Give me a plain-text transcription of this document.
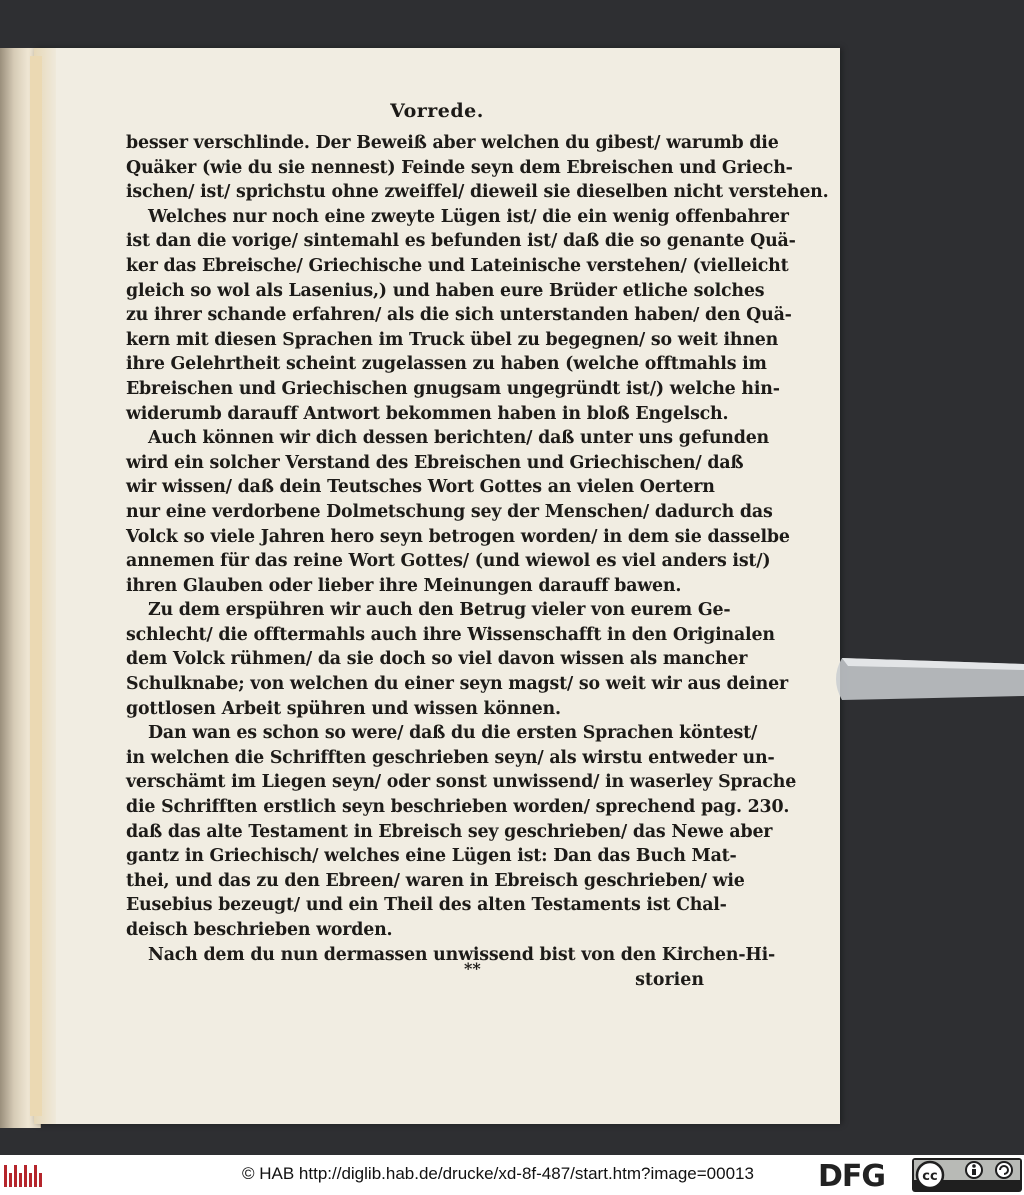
Vorrede.
besser verschlinde. Der Beweiß aber welchen du gibest/ warumb die
Quäker (wie du sie nennest) Feinde seyn dem Ebreischen und Griech-
ischen/ ist/ sprichstu ohne zweiffel/ dieweil sie dieselben nicht verstehen.
Welches nur noch eine zweyte Lügen ist/ die ein wenig offenbahrer
ist dan die vorige/ sintemahl es befunden ist/ daß die so genante Quä-
ker das Ebreische/ Griechische und Lateinische verstehen/ (vielleicht
gleich so wol als Lasenius,) und haben eure Brüder etliche solches
zu ihrer schande erfahren/ als die sich unterstanden haben/ den Quä-
kern mit diesen Sprachen im Truck übel zu begegnen/ so weit ihnen
ihre Gelehrtheit scheint zugelassen zu haben (welche offtmahls im
Ebreischen und Griechischen gnugsam ungegründt ist/) welche hin-
widerumb darauff Antwort bekommen haben in bloß Engelsch.
Auch können wir dich dessen berichten/ daß unter uns gefunden
wird ein solcher Verstand des Ebreischen und Griechischen/ daß
wir wissen/ daß dein Teutsches Wort Gottes an vielen Oertern
nur eine verdorbene Dolmetschung sey der Menschen/ dadurch das
Volck so viele Jahren hero seyn betrogen worden/ in dem sie dasselbe
annemen für das reine Wort Gottes/ (und wiewol es viel anders ist/)
ihren Glauben oder lieber ihre Meinungen darauff bawen.
Zu dem erspühren wir auch den Betrug vieler von eurem Ge-
schlecht/ die offtermahls auch ihre Wissenschafft in den Originalen
dem Volck rühmen/ da sie doch so viel davon wissen als mancher
Schulknabe; von welchen du einer seyn magst/ so weit wir aus deiner
gottlosen Arbeit spühren und wissen können.
Dan wan es schon so were/ daß du die ersten Sprachen köntest/
in welchen die Schrifften geschrieben seyn/ als wirstu entweder un-
verschämt im Liegen seyn/ oder sonst unwissend/ in waserley Sprache
die Schrifften erstlich seyn beschrieben worden/ sprechend pag. 230.
daß das alte Testament in Ebreisch sey geschrieben/ das Newe aber
gantz in Griechisch/ welches eine Lügen ist: Dan das Buch Mat-
thei, und das zu den Ebreen/ waren in Ebreisch geschrieben/ wie
Eusebius bezeugt/ und ein Theil des alten Testaments ist Chal-
deisch beschrieben worden.
Nach dem du nun dermassen unwissend bist von den Kirchen-Hi-
**
storien
© HAB http://diglib.hab.de/drucke/xd-8f-487/start.htm?image=00013 DFG	cc
